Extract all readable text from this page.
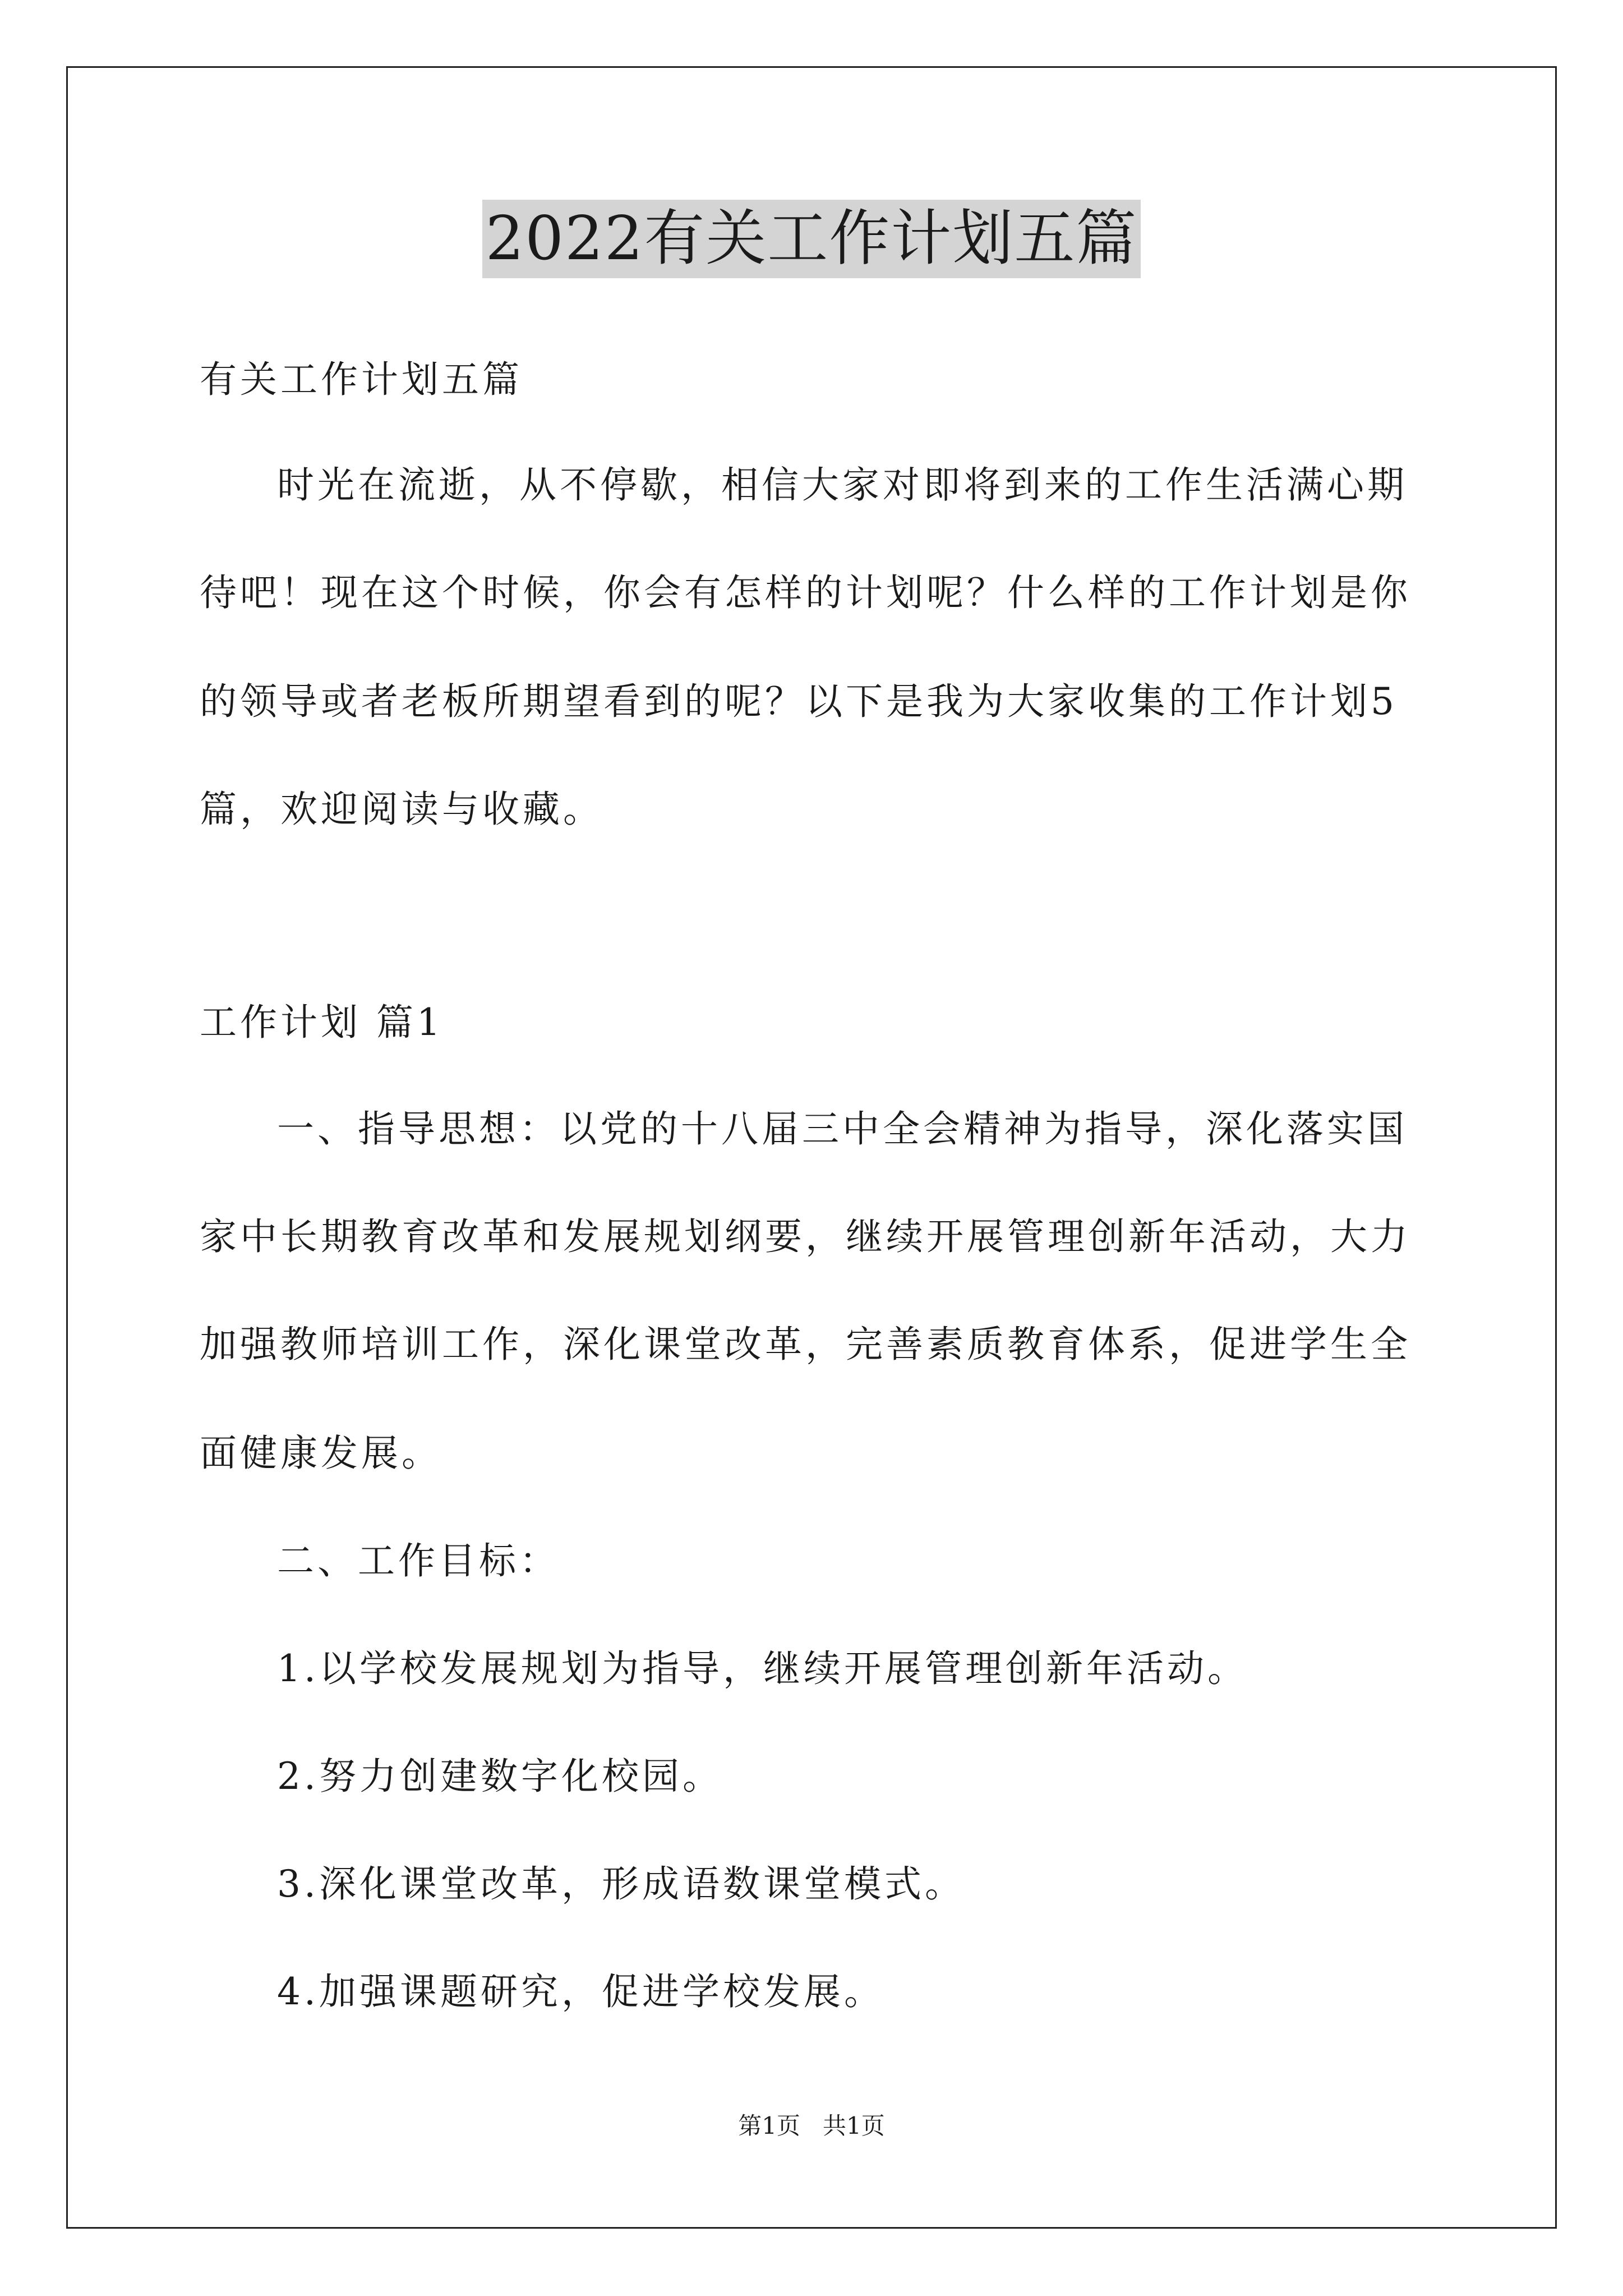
2022有关工作计划五篇
有关工作计划五篇
时光在流逝，从不停歇，相信大家对即将到来的工作生活满心期
待吧！现在这个时候，你会有怎样的计划呢？什么样的工作计划是你
的领导或者老板所期望看到的呢？以下是我为大家收集的工作计划5
篇，欢迎阅读与收藏。
工作计划 篇1
一、指导思想：以党的十八届三中全会精神为指导，深化落实国
家中长期教育改革和发展规划纲要，继续开展管理创新年活动，大力
加强教师培训工作，深化课堂改革，完善素质教育体系，促进学生全
面健康发展。
二、工作目标：
1.以学校发展规划为指导，继续开展管理创新年活动。
2.努力创建数字化校园。
3.深化课堂改革，形成语数课堂模式。
4.加强课题研究，促进学校发展。
第1页   共1页
